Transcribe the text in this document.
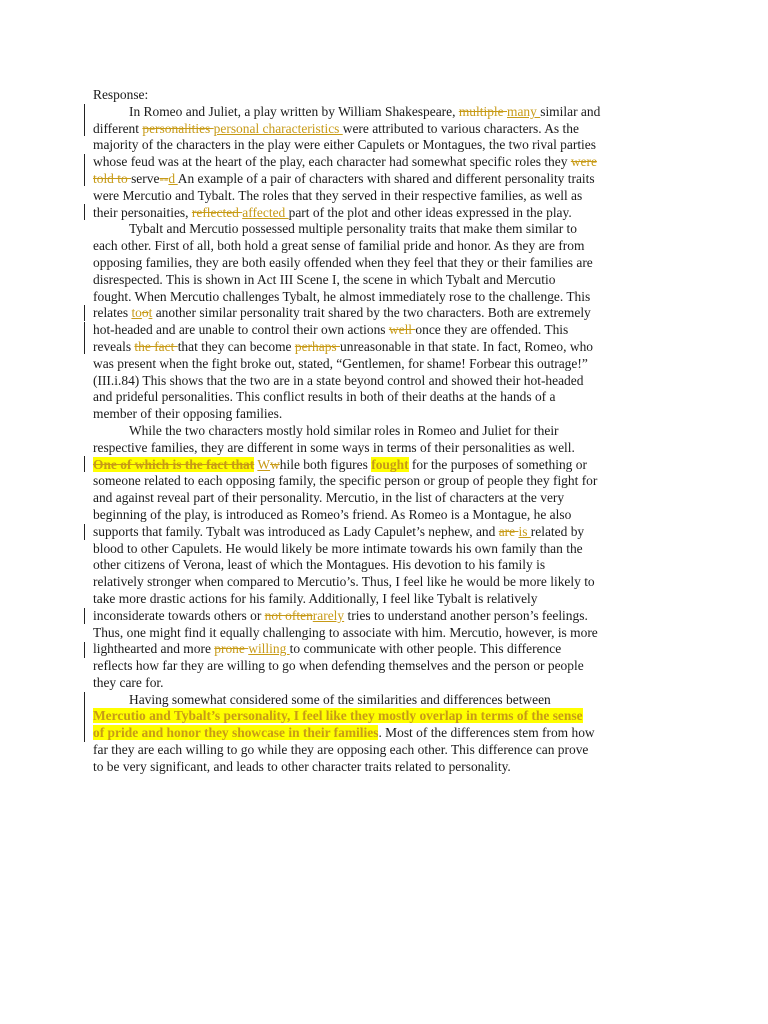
Response:
In Romeo and Juliet, a play written by William Shakespeare, multiple many similar and
different personalities personal characteristics were attributed to various characters. As the
majority of the characters in the play were either Capulets or Montagues, the two rival parties
whose feud was at the heart of the play, each character had somewhat specific roles they were
told to serve--d An example of a pair of characters with shared and different personality traits
were Mercutio and Tybalt. The roles that they served in their respective families, as well as
their personaities, reflected affected part of the plot and other ideas expressed in the play.
Tybalt and Mercutio possessed multiple personality traits that make them similar to
each other. First of all, both hold a great sense of familial pride and honor. As they are from
opposing families, they are both easily offended when they feel that they or their families are
disrespected. This is shown in Act III Scene I, the scene in which Tybalt and Mercutio
fought. When Mercutio challenges Tybalt, he almost immediately rose to the challenge. This
relates toot another similar personality trait shared by the two characters. Both are extremely
hot-headed and are unable to control their own actions well once they are offended. This
reveals the fact that they can become perhaps unreasonable in that state. In fact, Romeo, who
was present when the fight broke out, stated, “Gentlemen, for shame! Forbear this outrage!”
(III.i.84) This shows that the two are in a state beyond control and showed their hot-headed
and prideful personalities. This conflict results in both of their deaths at the hands of a
member of their opposing families.
While the two characters mostly hold similar roles in Romeo and Juliet for their
respective families, they are different in some ways in terms of their personalities as well.
One of which is the fact that Wwhile both figures fought for the purposes of something or
someone related to each opposing family, the specific person or group of people they fight for
and against reveal part of their personality. Mercutio, in the list of characters at the very
beginning of the play, is introduced as Romeo’s friend. As Romeo is a Montague, he also
supports that family. Tybalt was introduced as Lady Capulet’s nephew, and are is related by
blood to other Capulets. He would likely be more intimate towards his own family than the
other citizens of Verona, least of which the Montagues. His devotion to his family is
relatively stronger when compared to Mercutio’s. Thus, I feel like he would be more likely to
take more drastic actions for his family. Additionally, I feel like Tybalt is relatively
inconsiderate towards others or not oftenrarely tries to understand another person’s feelings.
Thus, one might find it equally challenging to associate with him. Mercutio, however, is more
lighthearted and more prone willing to communicate with other people. This difference
reflects how far they are willing to go when defending themselves and the person or people
they care for.
Having somewhat considered some of the similarities and differences between
Mercutio and Tybalt’s personality, I feel like they mostly overlap in terms of the sense
of pride and honor they showcase in their families. Most of the differences stem from how
far they are each willing to go while they are opposing each other. This difference can prove
to be very significant, and leads to other character traits related to personality.
